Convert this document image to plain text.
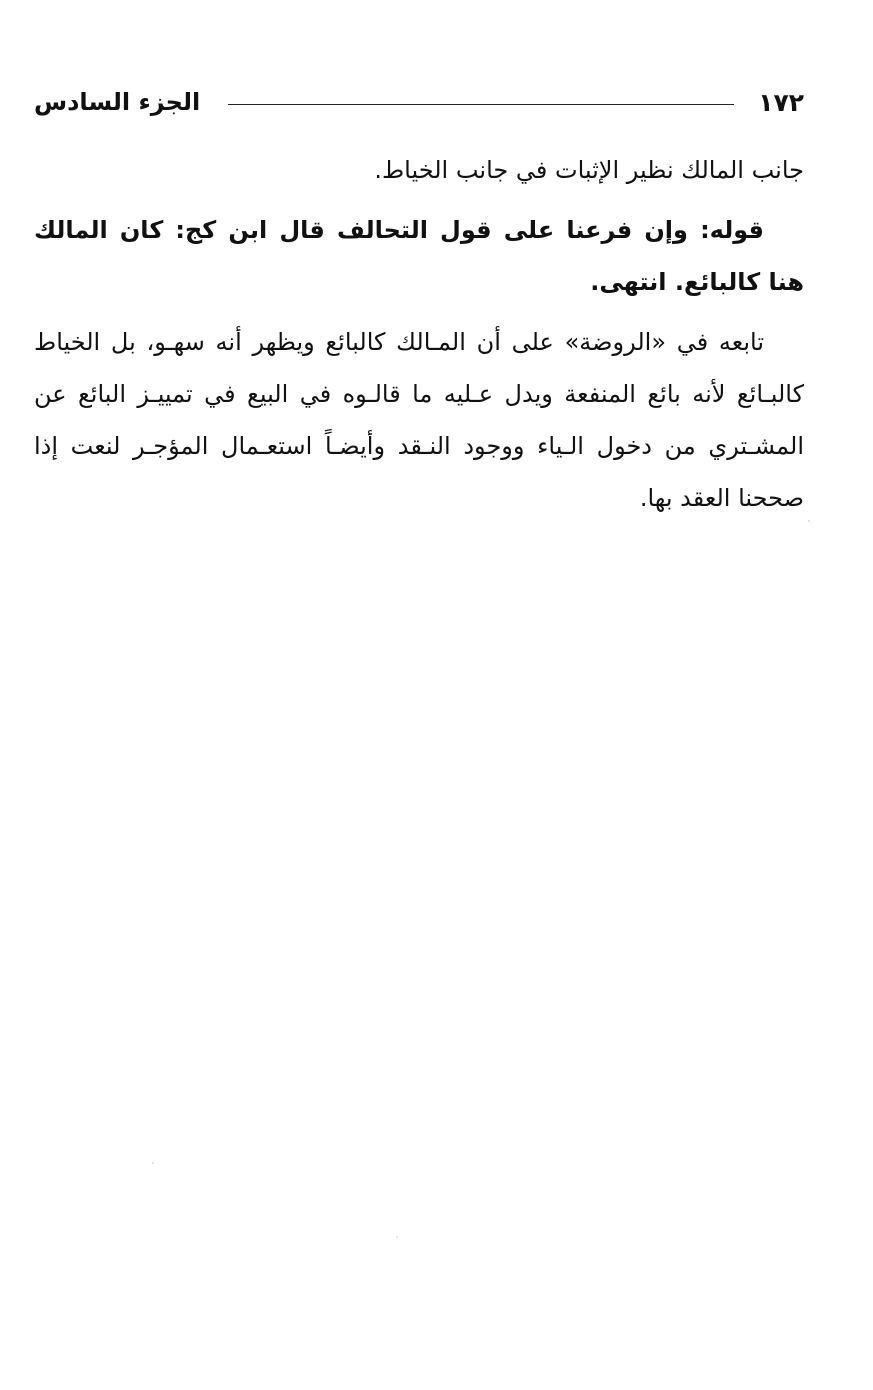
١٧٢
الجزء السادس

جانب المالك نظير الإثبات في جانب الخياط.

قوله: وإن فرعنا على قول التحالف قال ابن كج: كان المالك هنا كالبائع. انتهى.

تابعه في «الروضة» على أن المـالك كالبائع ويظهر أنه سهـو، بل الخياط كالبـائع لأنه بائع المنفعة ويدل عـليه ما قالـوه في البيع في تمييـز البائع عن المشـتري من دخول الـياء ووجود النـقد وأيضـاً استعـمال المؤجـر لنعت إذا صححنا العقد بها.
